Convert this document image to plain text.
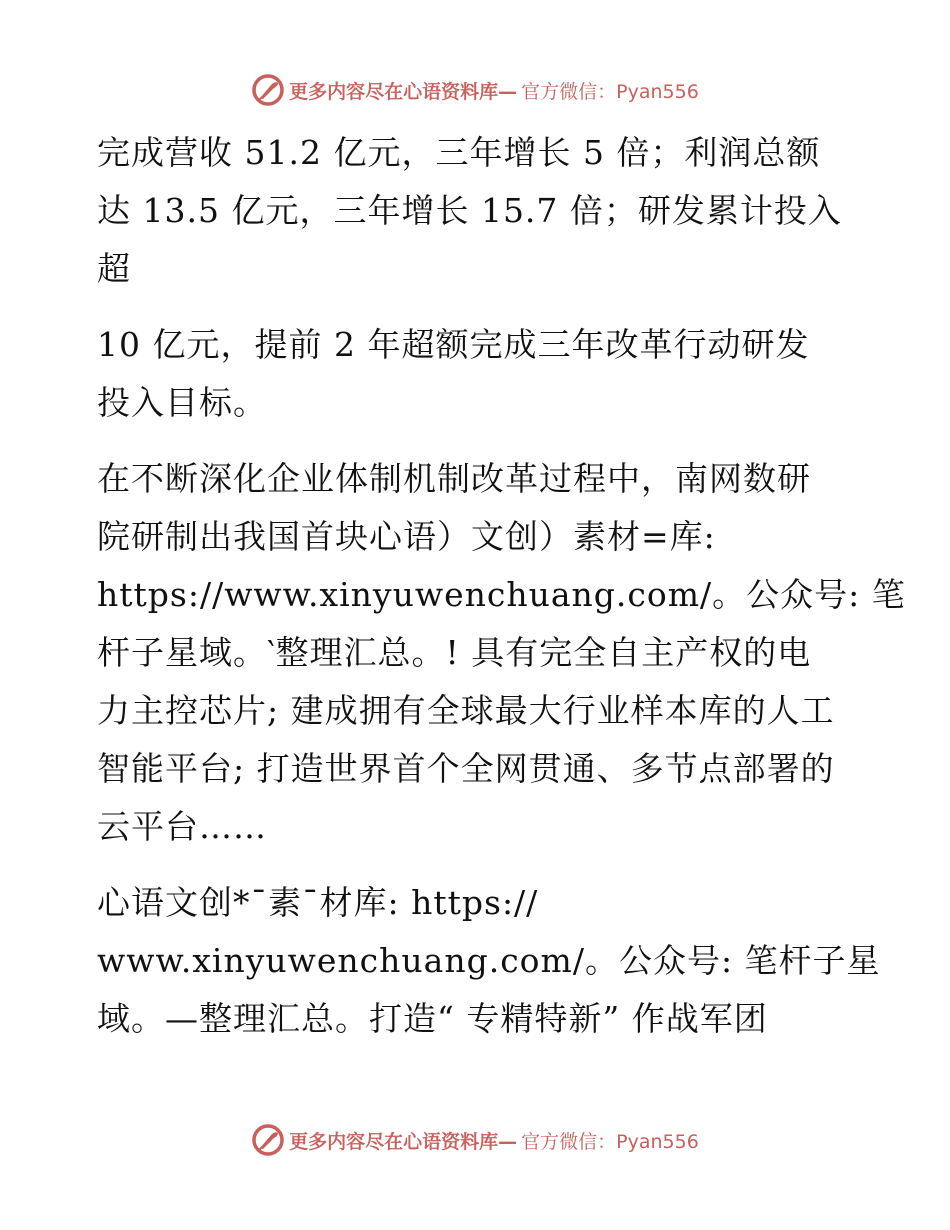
更多内容尽在心语资料库— 官方微信：Pyan556
完成营收 51.2 亿元，三年增长 5 倍；利润总额
达 13.5 亿元，三年增长 15.7 倍；研发累计投入
超
10 亿元，提前 2 年超额完成三年改革行动研发
投入目标。
在不断深化企业体制机制改革过程中，南网数研
院研制出我国首块心语）文创）素材=库:
https://www.xinyuwenchuang.com/。公众号: 笔
杆子星域。‵整理汇总。! 具有完全自主产权的电
力主控芯片; 建成拥有全球最大行业样本库的人工
智能平台; 打造世界首个全网贯通、多节点部署的
云平台……
心语文创*¯素¯材库: https://
www.xinyuwenchuang.com/。公众号: 笔杆子星
域。—整理汇总。打造“ 专精特新” 作战军团
更多内容尽在心语资料库— 官方微信：Pyan556
